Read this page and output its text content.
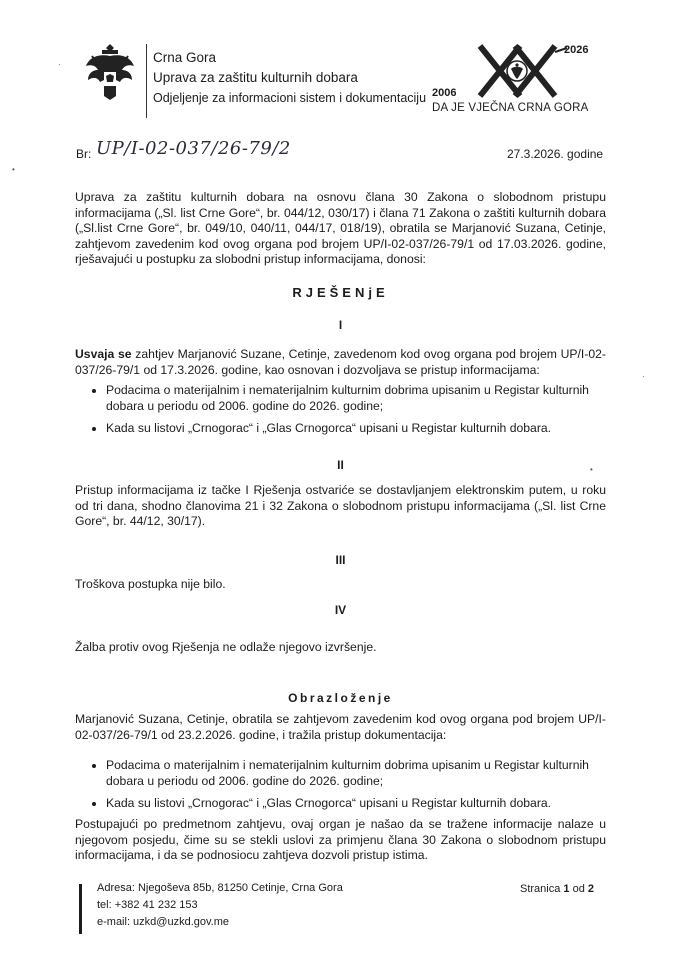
Crna Gora
Uprava za zaštitu kulturnih dobara
Odjeljenje za informacioni sistem i dokumentaciju
2026
2006
DA JE VJEČNA CRNA GORA
Br: UP/I-02-037/26-79/2	27.3.2026. godine
Uprava za zaštitu kulturnih dobara na osnovu člana 30 Zakona o slobodnom pristupu informacijama („Sl. list Crne Gore“, br. 044/12, 030/17) i člana 71 Zakona o zaštiti kulturnih dobara („Sl.list Crne Gore“, br. 049/10, 040/11, 044/17, 018/19), obratila se Marjanović Suzana, Cetinje, zahtjevom zavedenim kod ovog organa pod brojem UP/I-02-037/26-79/1 od 17.03.2026. godine, rješavajući u postupku za slobodni pristup informacijama, donosi:
RJEŠENjE
I
Usvaja se zahtjev Marjanović Suzane, Cetinje, zavedenom kod ovog organa pod brojem UP/I-02-037/26-79/1 od 17.3.2026. godine, kao osnovan i dozvoljava se pristup informacijama:
• Podacima o materijalnim i nematerijalnim kulturnim dobrima upisanim u Registar kulturnih dobara u periodu od 2006. godine do 2026. godine;
• Kada su listovi „Crnogorac“ i „Glas Crnogorca“ upisani u Registar kulturnih dobara.
II
Pristup informacijama iz tačke I Rješenja ostvariće se dostavljanjem elektronskim putem, u roku od tri dana, shodno članovima 21 i 32 Zakona o slobodnom pristupu informacijama („Sl. list Crne Gore“, br. 44/12, 30/17).
III
Troškova postupka nije bilo.
IV
Žalba protiv ovog Rješenja ne odlaže njegovo izvršenje.
Obrazloženje
Marjanović Suzana, Cetinje, obratila se zahtjevom zavedenim kod ovog organa pod brojem UP/I-02-037/26-79/1 od 23.2.2026. godine, i tražila pristup dokumentacija:
• Podacima o materijalnim i nematerijalnim kulturnim dobrima upisanim u Registar kulturnih dobara u periodu od 2006. godine do 2026. godine;
• Kada su listovi „Crnogorac“ i „Glas Crnogorca“ upisani u Registar kulturnih dobara.
Postupajući po predmetnom zahtjevu, ovaj organ je našao da se tražene informacije nalaze u njegovom posjedu, čime su se stekli uslovi za primjenu člana 30 Zakona o slobodnom pristupu informacijama, i da se podnosiocu zahtjeva dozvoli pristup istima.
Adresa: Njegoševa 85b, 81250 Cetinje, Crna Gora
tel: +382 41 232 153
e-mail: uzkd@uzkd.gov.me
Stranica 1 od 2
·
•
•
·
